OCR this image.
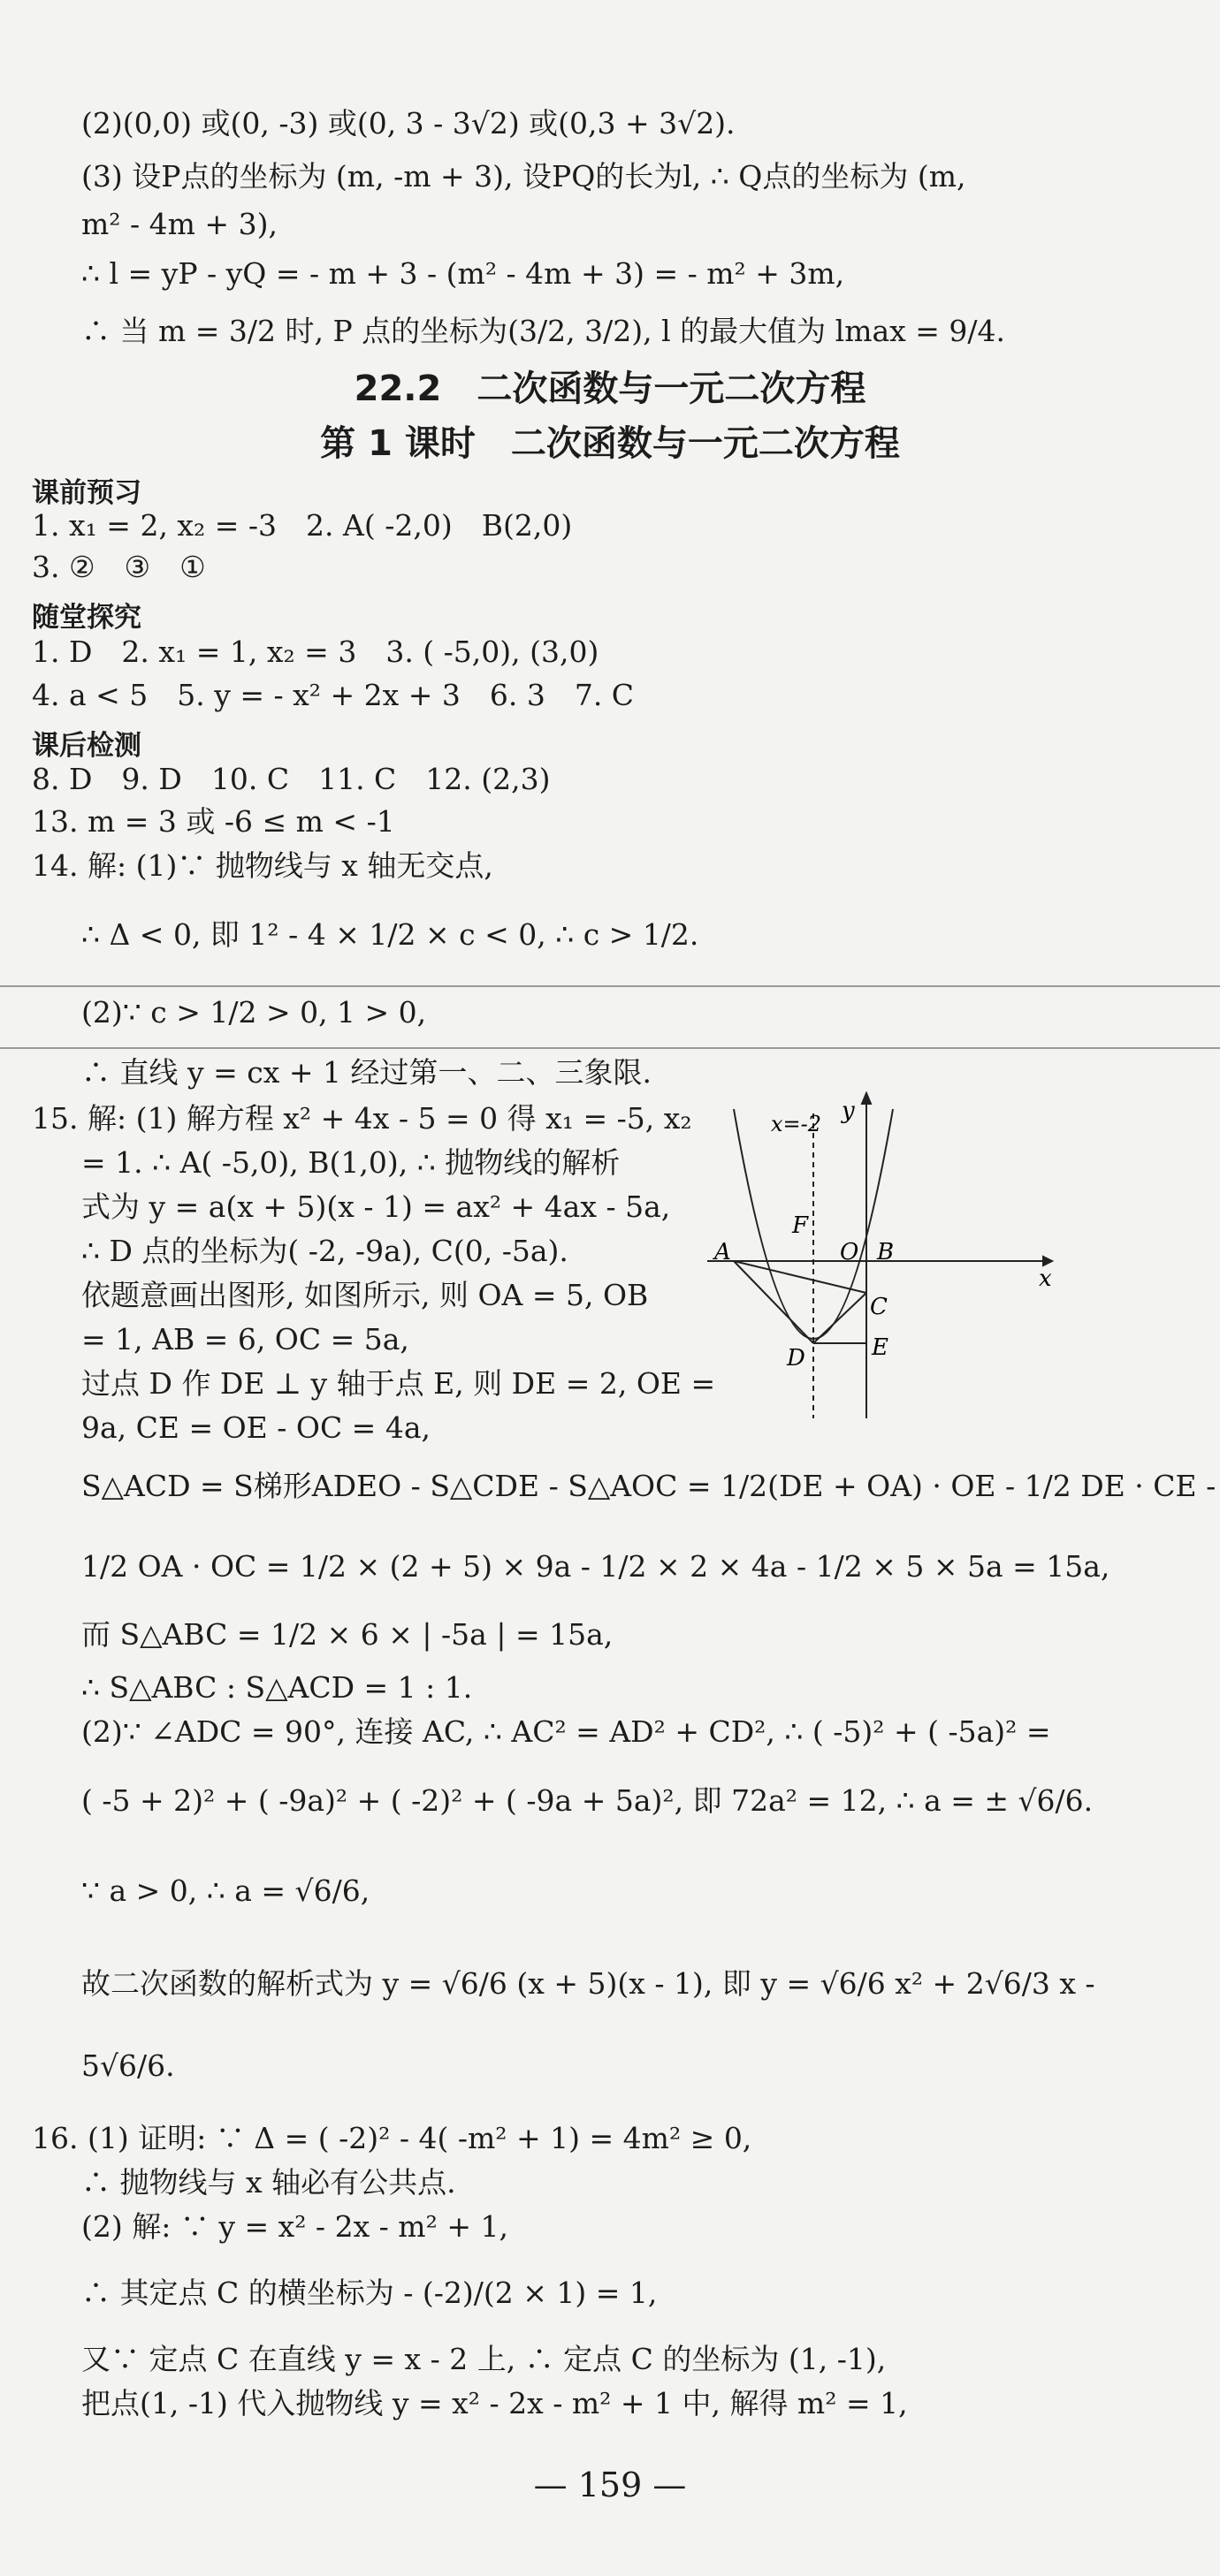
(2)(0,0) 或(0, -3) 或(0, 3 - 3√2) 或(0,3 + 3√2).
(3) 设P点的坐标为 (m, -m + 3), 设PQ的长为l, ∴ Q点的坐标为 (m,
m² - 4m + 3),
∴ l = yP - yQ = - m + 3 - (m² - 4m + 3) = - m² + 3m,
∴ 当 m = 3/2 时, P 点的坐标为(3/2, 3/2), l 的最大值为 lmax = 9/4.
22.2　二次函数与一元二次方程
第 1 课时　二次函数与一元二次方程
课前预习
1. x₁ = 2, x₂ = -3　2. A( -2,0)　B(2,0)
3. ②　③　①
随堂探究
1. D　2. x₁ = 1, x₂ = 3　3. ( -5,0), (3,0)
4. a < 5　5. y = - x² + 2x + 3　6. 3　7. C
课后检测
8. D　9. D　10. C　11. C　12. (2,3)
13. m = 3 或 -6 ≤ m < -1
14. 解: (1)∵ 抛物线与 x 轴无交点,
∴ Δ < 0, 即 1² - 4 × 1/2 × c < 0, ∴ c > 1/2.
(2)∵ c > 1/2 > 0, 1 > 0,
∴ 直线 y = cx + 1 经过第一、二、三象限.
15. 解: (1) 解方程 x² + 4x - 5 = 0 得 x₁ = -5, x₂
= 1. ∴ A( -5,0), B(1,0), ∴ 抛物线的解析
式为 y = a(x + 5)(x - 1) = ax² + 4ax - 5a,
∴ D 点的坐标为( -2, -9a), C(0, -5a).
依题意画出图形, 如图所示, 则 OA = 5, OB
= 1, AB = 6, OC = 5a,
过点 D 作 DE ⊥ y 轴于点 E, 则 DE = 2, OE =
9a, CE = OE - OC = 4a,
x=-2 y
x
A
F
O B
C
D	E
S△ACD = S梯形ADEO - S△CDE - S△AOC = 1/2(DE + OA) · OE - 1/2 DE · CE -
1/2 OA · OC = 1/2 × (2 + 5) × 9a - 1/2 × 2 × 4a - 1/2 × 5 × 5a = 15a,
而 S△ABC = 1/2 × 6 × | -5a | = 15a,
∴ S△ABC : S△ACD = 1 : 1.
(2)∵ ∠ADC = 90°, 连接 AC, ∴ AC² = AD² + CD², ∴ ( -5)² + ( -5a)² =
( -5 + 2)² + ( -9a)² + ( -2)² + ( -9a + 5a)², 即 72a² = 12, ∴ a = ± √6/6.
∵ a > 0, ∴ a = √6/6,
故二次函数的解析式为 y = √6/6 (x + 5)(x - 1), 即 y = √6/6 x² + 2√6/3 x -
5√6/6.
16. (1) 证明: ∵ Δ = ( -2)² - 4( -m² + 1) = 4m² ≥ 0,
∴ 抛物线与 x 轴必有公共点.
(2) 解: ∵ y = x² - 2x - m² + 1,
∴ 其定点 C 的横坐标为 - (-2)/(2 × 1) = 1,
又∵ 定点 C 在直线 y = x - 2 上, ∴ 定点 C 的坐标为 (1, -1),
把点(1, -1) 代入抛物线 y = x² - 2x - m² + 1 中, 解得 m² = 1,
— 159 —
